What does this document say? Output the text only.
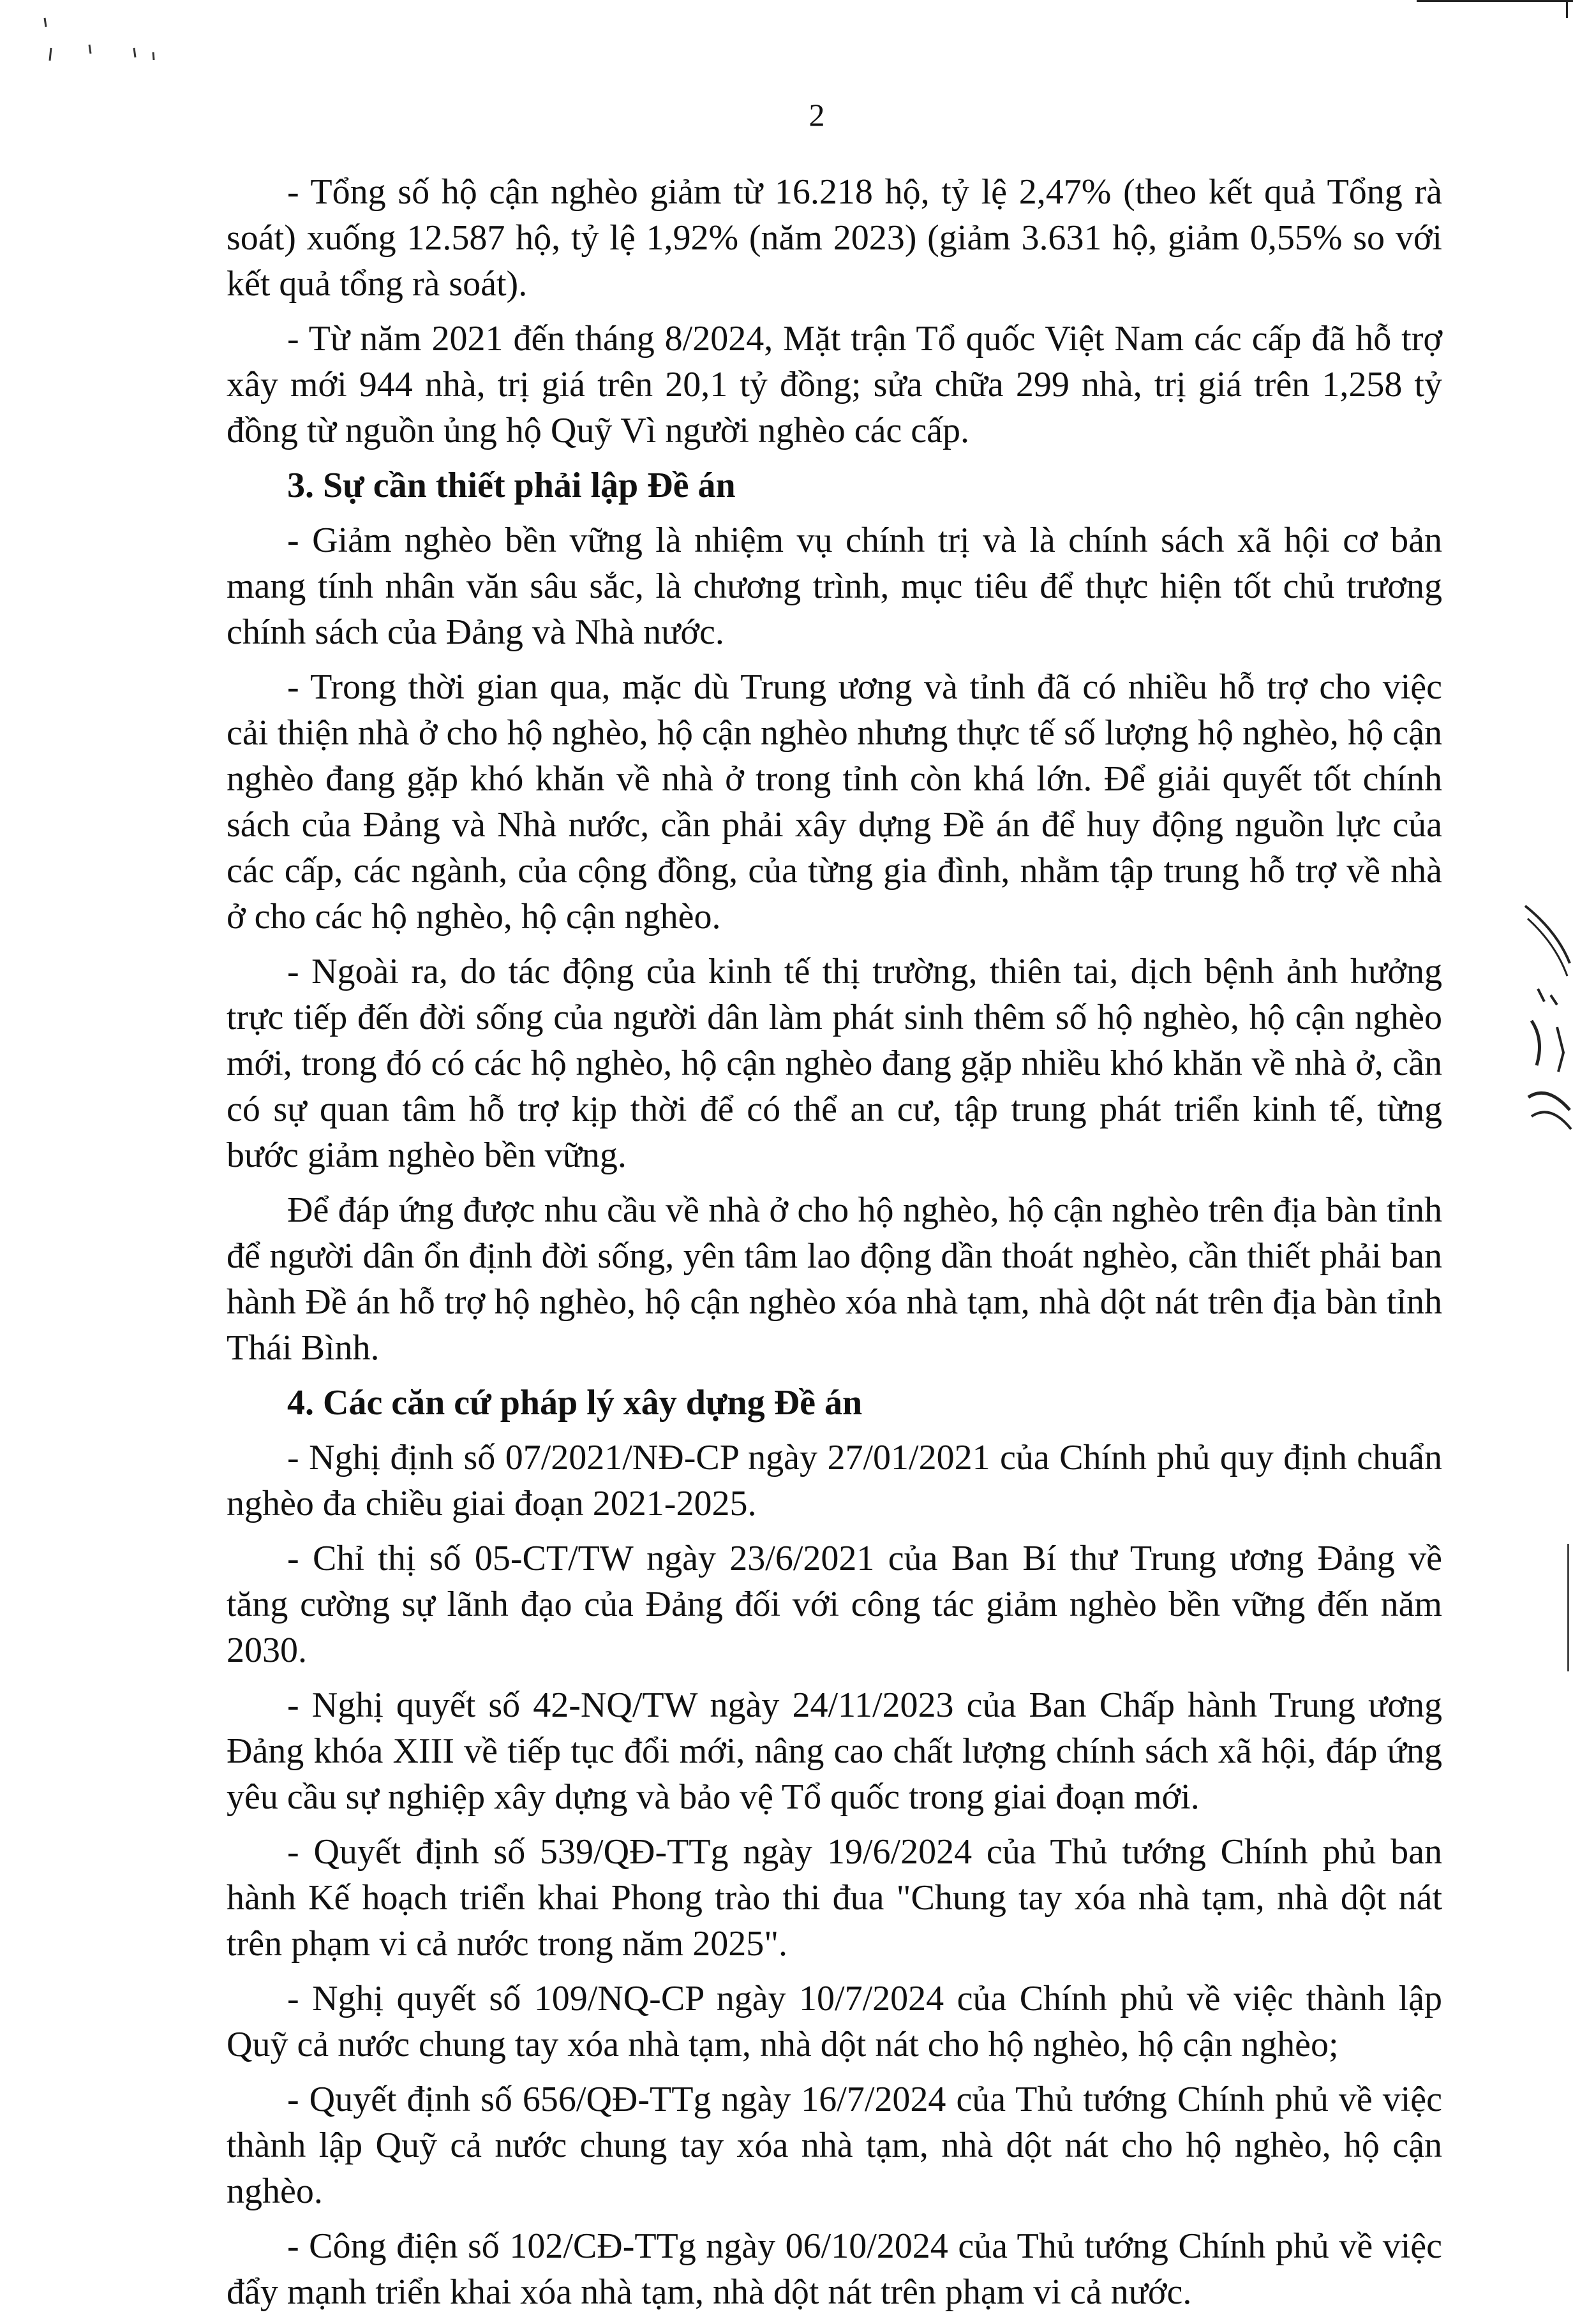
2

- Tổng số hộ cận nghèo giảm từ 16.218 hộ, tỷ lệ 2,47% (theo kết quả Tổng rà soát) xuống 12.587 hộ, tỷ lệ 1,92% (năm 2023) (giảm 3.631 hộ, giảm 0,55% so với kết quả tổng rà soát).

- Từ năm 2021 đến tháng 8/2024, Mặt trận Tổ quốc Việt Nam các cấp đã hỗ trợ xây mới 944 nhà, trị giá trên 20,1 tỷ đồng; sửa chữa 299 nhà, trị giá trên 1,258 tỷ đồng từ nguồn ủng hộ Quỹ Vì người nghèo các cấp.

3. Sự cần thiết phải lập Đề án

- Giảm nghèo bền vững là nhiệm vụ chính trị và là chính sách xã hội cơ bản mang tính nhân văn sâu sắc, là chương trình, mục tiêu để thực hiện tốt chủ trương chính sách của Đảng và Nhà nước.

- Trong thời gian qua, mặc dù Trung ương và tỉnh đã có nhiều hỗ trợ cho việc cải thiện nhà ở cho hộ nghèo, hộ cận nghèo nhưng thực tế số lượng hộ nghèo, hộ cận nghèo đang gặp khó khăn về nhà ở trong tỉnh còn khá lớn. Để giải quyết tốt chính sách của Đảng và Nhà nước, cần phải xây dựng Đề án để huy động nguồn lực của các cấp, các ngành, của cộng đồng, của từng gia đình, nhằm tập trung hỗ trợ về nhà ở cho các hộ nghèo, hộ cận nghèo.

- Ngoài ra, do tác động của kinh tế thị trường, thiên tai, dịch bệnh ảnh hưởng trực tiếp đến đời sống của người dân làm phát sinh thêm số hộ nghèo, hộ cận nghèo mới, trong đó có các hộ nghèo, hộ cận nghèo đang gặp nhiều khó khăn về nhà ở, cần có sự quan tâm hỗ trợ kịp thời để có thể an cư, tập trung phát triển kinh tế, từng bước giảm nghèo bền vững.

Để đáp ứng được nhu cầu về nhà ở cho hộ nghèo, hộ cận nghèo trên địa bàn tỉnh để người dân ổn định đời sống, yên tâm lao động dần thoát nghèo, cần thiết phải ban hành Đề án hỗ trợ hộ nghèo, hộ cận nghèo xóa nhà tạm, nhà dột nát trên địa bàn tỉnh Thái Bình.

4. Các căn cứ pháp lý xây dựng Đề án

- Nghị định số 07/2021/NĐ-CP ngày 27/01/2021 của Chính phủ quy định chuẩn nghèo đa chiều giai đoạn 2021-2025.

- Chỉ thị số 05-CT/TW ngày 23/6/2021 của Ban Bí thư Trung ương Đảng về tăng cường sự lãnh đạo của Đảng đối với công tác giảm nghèo bền vững đến năm 2030.

- Nghị quyết số 42-NQ/TW ngày 24/11/2023 của Ban Chấp hành Trung ương Đảng khóa XIII về tiếp tục đổi mới, nâng cao chất lượng chính sách xã hội, đáp ứng yêu cầu sự nghiệp xây dựng và bảo vệ Tổ quốc trong giai đoạn mới.

- Quyết định số 539/QĐ-TTg ngày 19/6/2024 của Thủ tướng Chính phủ ban hành Kế hoạch triển khai Phong trào thi đua "Chung tay xóa nhà tạm, nhà dột nát trên phạm vi cả nước trong năm 2025".

- Nghị quyết số 109/NQ-CP ngày 10/7/2024 của Chính phủ về việc thành lập Quỹ cả nước chung tay xóa nhà tạm, nhà dột nát cho hộ nghèo, hộ cận nghèo;

- Quyết định số 656/QĐ-TTg ngày 16/7/2024 của Thủ tướng Chính phủ về việc thành lập Quỹ cả nước chung tay xóa nhà tạm, nhà dột nát cho hộ nghèo, hộ cận nghèo.

- Công điện số 102/CĐ-TTg ngày 06/10/2024 của Thủ tướng Chính phủ về việc đẩy mạnh triển khai xóa nhà tạm, nhà dột nát trên phạm vi cả nước.
